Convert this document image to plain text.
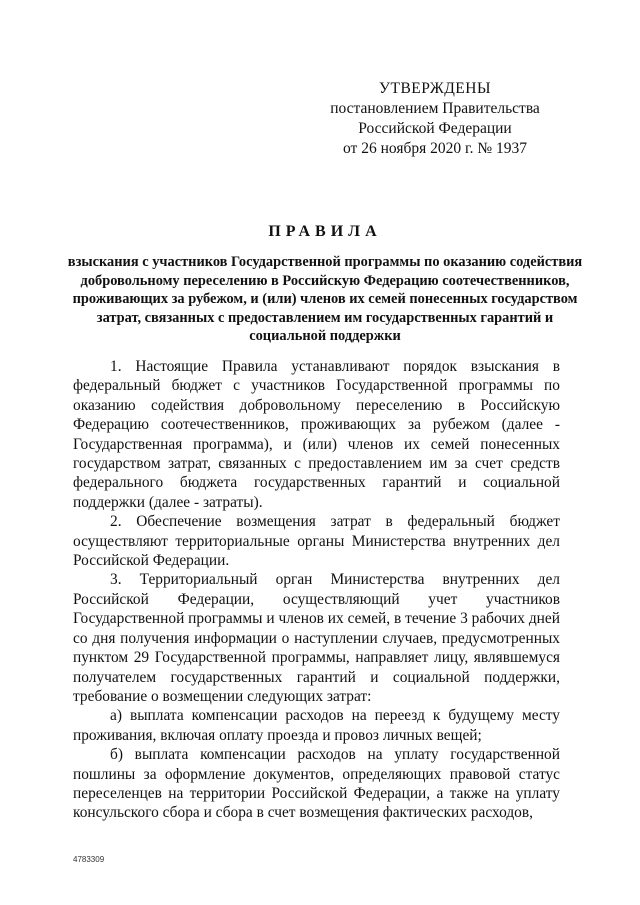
УТВЕРЖДЕНЫ
постановлением Правительства
Российской Федерации
от 26 ноября 2020 г. № 1937
ПРАВИЛА
взыскания с участников Государственной программы по оказанию содействия добровольному переселению в Российскую Федерацию соотечественников, проживающих за рубежом, и (или) членов их семей понесенных государством затрат, связанных с предоставлением им государственных гарантий и социальной поддержки

1. Настоящие Правила устанавливают порядок взыскания в федеральный бюджет с участников Государственной программы по оказанию содействия добровольному переселению в Российскую Федерацию соотечественников, проживающих за рубежом (далее - Государственная программа), и (или) членов их семей понесенных государством затрат, связанных с предоставлением им за счет средств федерального бюджета государственных гарантий и социальной поддержки (далее - затраты).

2. Обеспечение возмещения затрат в федеральный бюджет осуществляют территориальные органы Министерства внутренних дел Российской Федерации.

3. Территориальный орган Министерства внутренних дел Российской Федерации, осуществляющий учет участников Государственной программы и членов их семей, в течение 3 рабочих дней со дня получения информации о наступлении случаев, предусмотренных пунктом 29 Государственной программы, направляет лицу, являвшемуся получателем государственных гарантий и социальной поддержки, требование о возмещении следующих затрат:

а) выплата компенсации расходов на переезд к будущему месту проживания, включая оплату проезда и провоз личных вещей;

б) выплата компенсации расходов на уплату государственной пошлины за оформление документов, определяющих правовой статус переселенцев на территории Российской Федерации, а также на уплату консульского сбора и сбора в счет возмещения фактических расходов,

4783309
